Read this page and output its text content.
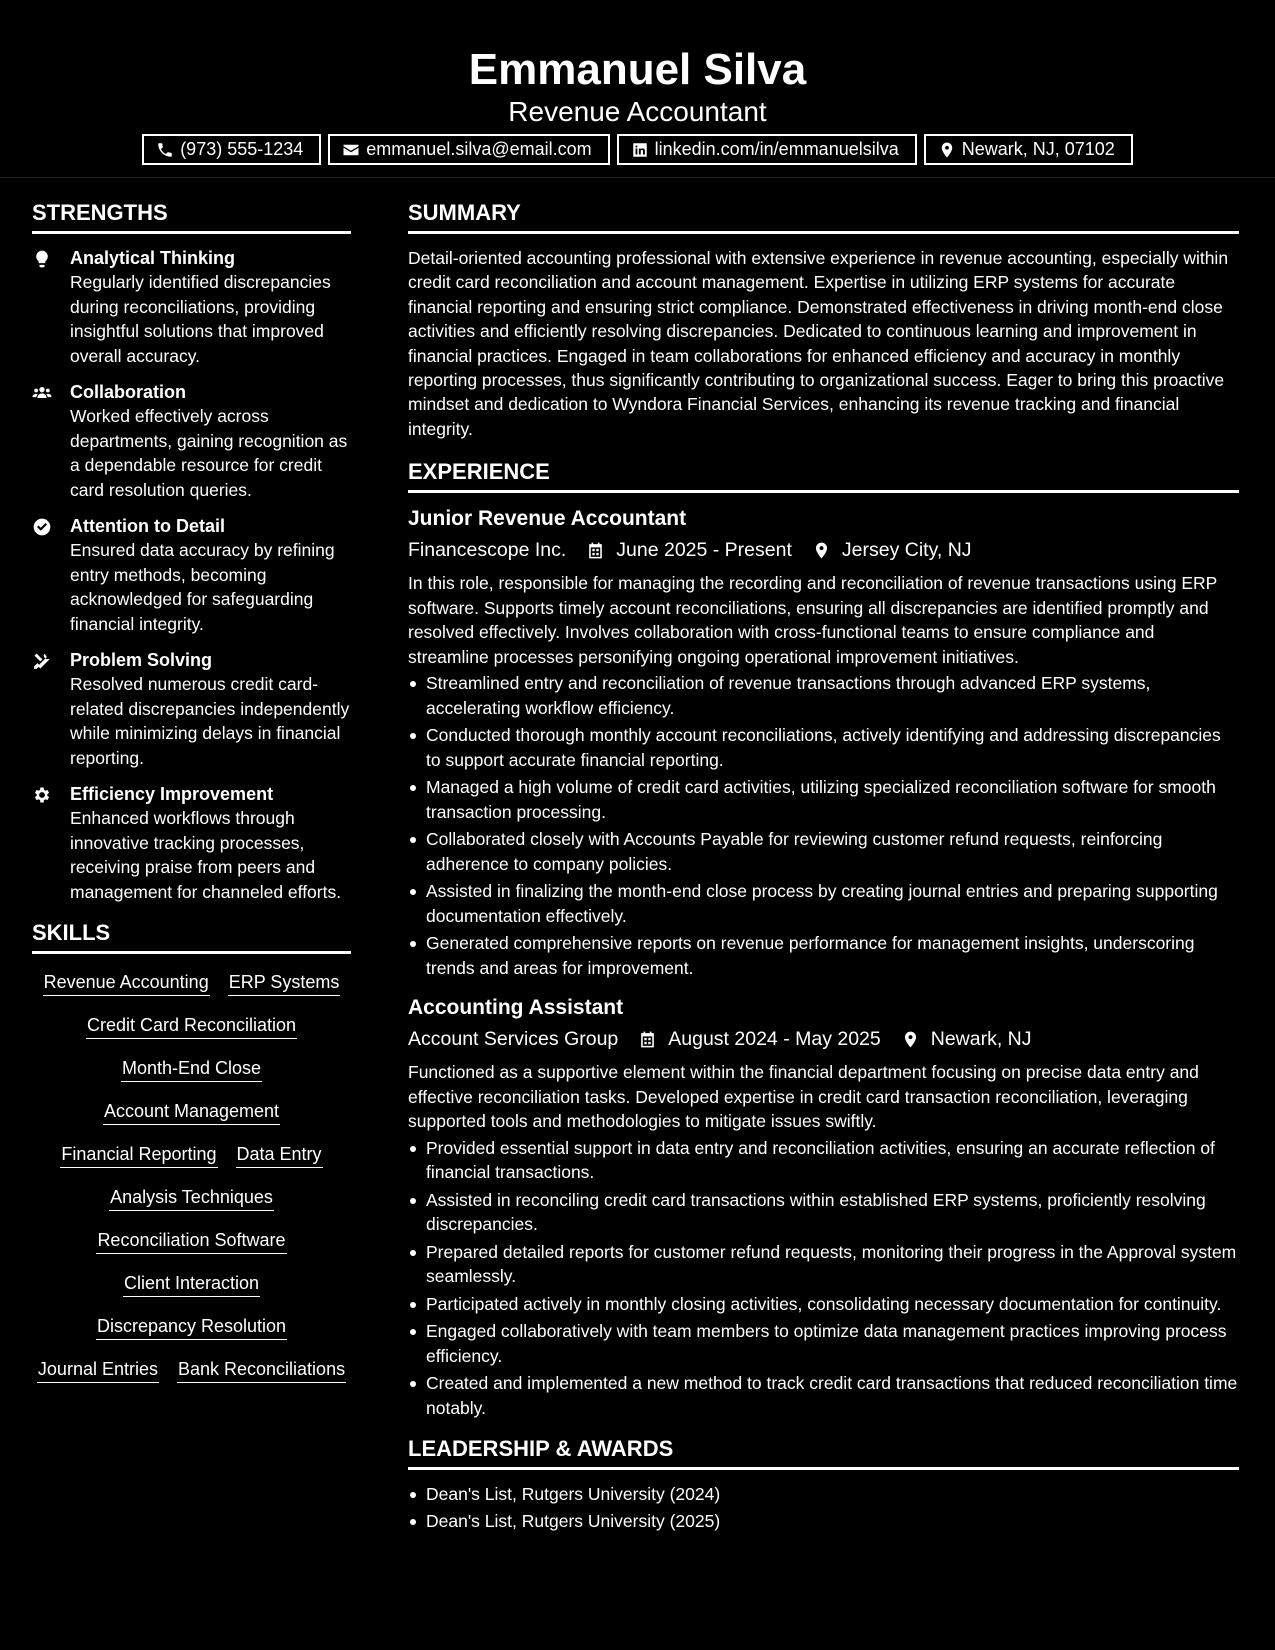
Emmanuel Silva
Revenue Accountant
(973) 555-1234	emmanuel.silva@email.com	linkedin.com/in/emmanuelsilva	Newark, NJ, 07102
STRENGTHS
Analytical Thinking
Regularly identified discrepancies during reconciliations, providing insightful solutions that improved overall accuracy.
Collaboration
Worked effectively across departments, gaining recognition as a dependable resource for credit card resolution queries.
Attention to Detail
Ensured data accuracy by refining entry methods, becoming acknowledged for safeguarding financial integrity.
Problem Solving
Resolved numerous credit card-related discrepancies independently while minimizing delays in financial reporting.
Efficiency Improvement
Enhanced workflows through innovative tracking processes, receiving praise from peers and management for channeled efforts.
SKILLS
Revenue Accounting ERP Systems
Credit Card Reconciliation
Month-End Close
Account Management
Financial Reporting Data Entry
Analysis Techniques
Reconciliation Software
Client Interaction
Discrepancy Resolution
Journal Entries Bank Reconciliations
SUMMARY
Detail-oriented accounting professional with extensive experience in revenue accounting, especially within credit card reconciliation and account management. Expertise in utilizing ERP systems for accurate financial reporting and ensuring strict compliance. Demonstrated effectiveness in driving month-end close activities and efficiently resolving discrepancies. Dedicated to continuous learning and improvement in financial practices. Engaged in team collaborations for enhanced efficiency and accuracy in monthly reporting processes, thus significantly contributing to organizational success. Eager to bring this proactive mindset and dedication to Wyndora Financial Services, enhancing its revenue tracking and financial integrity.
EXPERIENCE
Junior Revenue Accountant
Financescope Inc.	June 2025 - Present	Jersey City, NJ
In this role, responsible for managing the recording and reconciliation of revenue transactions using ERP software. Supports timely account reconciliations, ensuring all discrepancies are identified promptly and resolved effectively. Involves collaboration with cross-functional teams to ensure compliance and streamline processes personifying ongoing operational improvement initiatives.
Streamlined entry and reconciliation of revenue transactions through advanced ERP systems, accelerating workflow efficiency.
Conducted thorough monthly account reconciliations, actively identifying and addressing discrepancies to support accurate financial reporting.
Managed a high volume of credit card activities, utilizing specialized reconciliation software for smooth transaction processing.
Collaborated closely with Accounts Payable for reviewing customer refund requests, reinforcing adherence to company policies.
Assisted in finalizing the month-end close process by creating journal entries and preparing supporting documentation effectively.
Generated comprehensive reports on revenue performance for management insights, underscoring trends and areas for improvement.
Accounting Assistant
Account Services Group	August 2024 - May 2025	Newark, NJ
Functioned as a supportive element within the financial department focusing on precise data entry and effective reconciliation tasks. Developed expertise in credit card transaction reconciliation, leveraging supported tools and methodologies to mitigate issues swiftly.
Provided essential support in data entry and reconciliation activities, ensuring an accurate reflection of financial transactions.
Assisted in reconciling credit card transactions within established ERP systems, proficiently resolving discrepancies.
Prepared detailed reports for customer refund requests, monitoring their progress in the Approval system seamlessly.
Participated actively in monthly closing activities, consolidating necessary documentation for continuity.
Engaged collaboratively with team members to optimize data management practices improving process efficiency.
Created and implemented a new method to track credit card transactions that reduced reconciliation time notably.
LEADERSHIP & AWARDS
Dean's List, Rutgers University (2024)
Dean's List, Rutgers University (2025)
